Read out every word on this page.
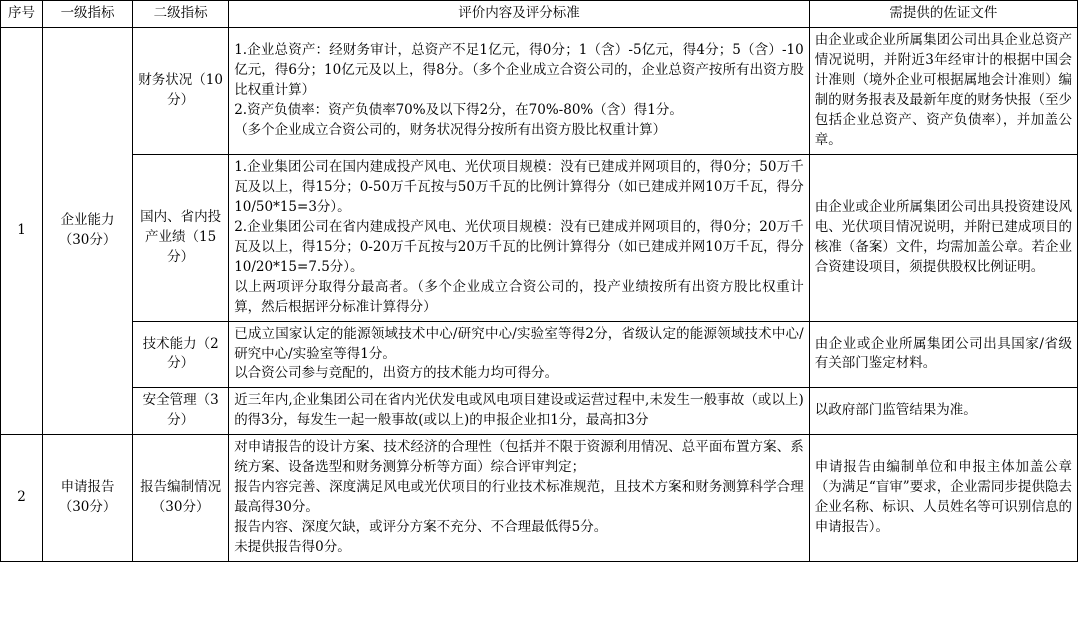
序号	一级指标	二级指标	评价内容及评分标准	需提供的佐证文件
1	企业能力（30分）	财务状况（10分）	1.企业总资产：经财务审计，总资产不足1亿元，得0分；1（含）-5亿元，得4分；5（含）-10亿元，得6分；10亿元及以上，得8分。（多个企业成立合资公司的，企业总资产按所有出资方股比权重计算）

2.资产负债率：资产负债率70%及以下得2分，在70%-80%（含）得1分。

（多个企业成立合资公司的，财务状况得分按所有出资方股比权重计算）	由企业或企业所属集团公司出具企业总资产情况说明，并附近3年经审计的根据中国会计准则（境外企业可根据属地会计准则）编制的财务报表及最新年度的财务快报（至少包括企业总资产、资产负债率），并加盖公章。

		国内、省内投产业绩（15分）	1.企业集团公司在国内建成投产风电、光伏项目规模：没有已建成并网项目的，得0分；50万千瓦及以上，得15分；0-50万千瓦按与50万千瓦的比例计算得分（如已建成并网10万千瓦，得分10/50*15=3分）。

2.企业集团公司在省内建成投产风电、光伏项目规模：没有已建成并网项目的，得0分；20万千瓦及以上，得15分；0-20万千瓦按与20万千瓦的比例计算得分（如已建成并网10万千瓦，得分10/20*15=7.5分）。

以上两项评分取得分最高者。（多个企业成立合资公司的，投产业绩按所有出资方股比权重计算，然后根据评分标准计算得分）	由企业或企业所属集团公司出具投资建设风电、光伏项目情况说明，并附已建成项目的核准（备案）文件，均需加盖公章。若企业合资建设项目，须提供股权比例证明。

		技术能力（2分）	已成立国家认定的能源领域技术中心/研究中心/实验室等得2分，省级认定的能源领域技术中心/研究中心/实验室等得1分。

以合资公司参与竞配的，出资方的技术能力均可得分。	由企业或企业所属集团公司出具国家/省级有关部门鉴定材料。

		安全管理（3分）	近三年内,企业集团公司在省内光伏发电或风电项目建设或运营过程中,未发生一般事故（或以上)的得3分，每发生一起一般事故(或以上)的申报企业扣1分，最高扣3分	以政府部门监管结果为准。

2	申请报告（30分）	报告编制情况（30分）	对申请报告的设计方案、技术经济的合理性（包括并不限于资源利用情况、总平面布置方案、系统方案、设备选型和财务测算分析等方面）综合评审判定；

报告内容完善、深度满足风电或光伏项目的行业技术标准规范，且技术方案和财务测算科学合理最高得30分。

报告内容、深度欠缺，或评分方案不充分、不合理最低得5分。

未提供报告得0分。	申请报告由编制单位和申报主体加盖公章（为满足“盲审”要求，企业需同步提供隐去企业名称、标识、人员姓名等可识别信息的申请报告）。
